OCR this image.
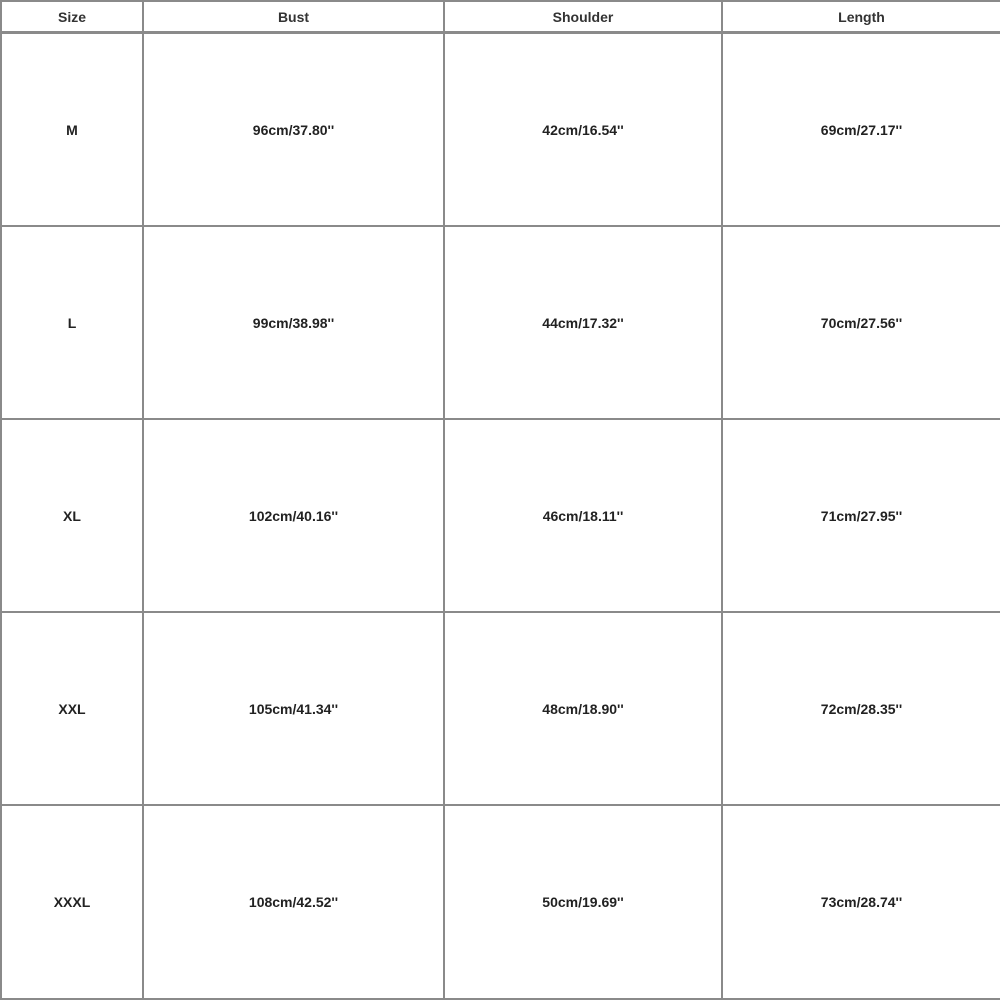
Size	Bust	Shoulder	Length
M	96cm/37.80''	42cm/16.54''	69cm/27.17''
L	99cm/38.98''	44cm/17.32''	70cm/27.56''
XL	102cm/40.16''	46cm/18.11''	71cm/27.95''
XXL	105cm/41.34''	48cm/18.90''	72cm/28.35''
XXXL	108cm/42.52''	50cm/19.69''	73cm/28.74''
